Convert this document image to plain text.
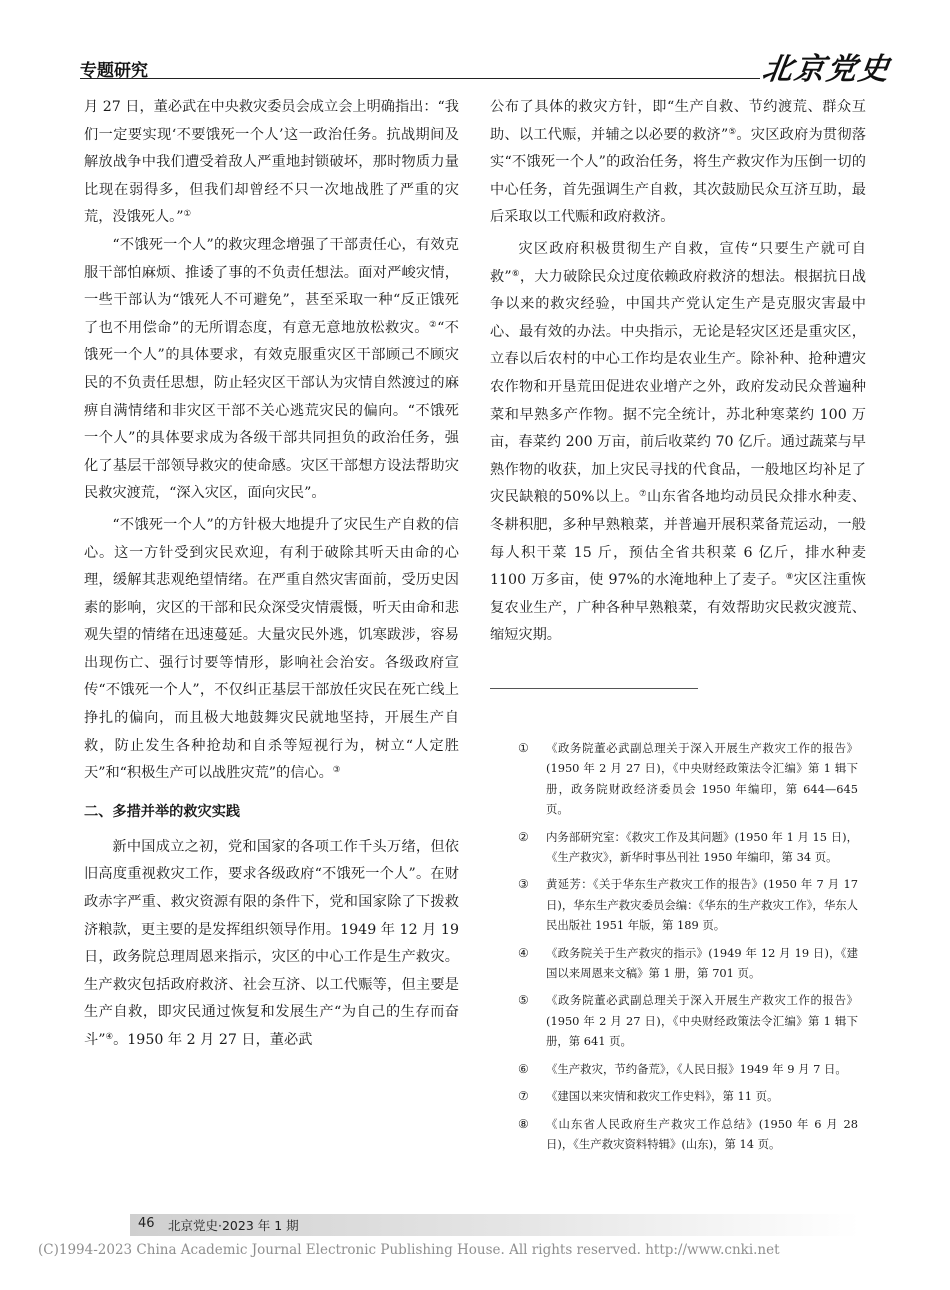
专题研究	北京党史

月 27 日，董必武在中央救灾委员会成立会上明确指出：“我们一定要实现‘不要饿死一个人’这一政治任务。抗战期间及解放战争中我们遭受着敌人严重地封锁破坏，那时物质力量比现在弱得多，但我们却曾经不只一次地战胜了严重的灾荒，没饿死人。”①

“不饿死一个人”的救灾理念增强了干部责任心，有效克服干部怕麻烦、推诿了事的不负责任想法。面对严峻灾情，一些干部认为“饿死人不可避免”，甚至采取一种“反正饿死了也不用偿命”的无所谓态度，有意无意地放松救灾。②“不饿死一个人”的具体要求，有效克服重灾区干部顾己不顾灾民的不负责任思想，防止轻灾区干部认为灾情自然渡过的麻痹自满情绪和非灾区干部不关心逃荒灾民的偏向。“不饿死一个人”的具体要求成为各级干部共同担负的政治任务，强化了基层干部领导救灾的使命感。灾区干部想方设法帮助灾民救灾渡荒，“深入灾区，面向灾民”。

“不饿死一个人”的方针极大地提升了灾民生产自救的信心。这一方针受到灾民欢迎，有利于破除其听天由命的心理，缓解其悲观绝望情绪。在严重自然灾害面前，受历史因素的影响，灾区的干部和民众深受灾情震慑，听天由命和悲观失望的情绪在迅速蔓延。大量灾民外逃，饥寒跋涉，容易出现伤亡、强行讨要等情形，影响社会治安。各级政府宣传“不饿死一个人”，不仅纠正基层干部放任灾民在死亡线上挣扎的偏向，而且极大地鼓舞灾民就地坚持，开展生产自救，防止发生各种抢劫和自杀等短视行为，树立“人定胜天”和“积极生产可以战胜灾荒”的信心。③

二、多措并举的救灾实践

新中国成立之初，党和国家的各项工作千头万绪，但依旧高度重视救灾工作，要求各级政府“不饿死一个人”。在财政赤字严重、救灾资源有限的条件下，党和国家除了下拨救济粮款，更主要的是发挥组织领导作用。1949 年 12 月 19 日，政务院总理周恩来指示，灾区的中心工作是生产救灾。生产救灾包括政府救济、社会互济、以工代赈等，但主要是生产自救，即灾民通过恢复和发展生产“为自己的生存而奋斗”④。1950 年 2 月 27 日，董必武

公布了具体的救灾方针，即“生产自救、节约渡荒、群众互助、以工代赈，并辅之以必要的救济”⑤。灾区政府为贯彻落实“不饿死一个人”的政治任务，将生产救灾作为压倒一切的中心任务，首先强调生产自救，其次鼓励民众互济互助，最后采取以工代赈和政府救济。

灾区政府积极贯彻生产自救，宣传“只要生产就可自救”⑥，大力破除民众过度依赖政府救济的想法。根据抗日战争以来的救灾经验，中国共产党认定生产是克服灾害最中心、最有效的办法。中央指示，无论是轻灾区还是重灾区，立春以后农村的中心工作均是农业生产。除补种、抢种遭灾农作物和开垦荒田促进农业增产之外，政府发动民众普遍种菜和早熟多产作物。据不完全统计，苏北种寒菜约 100 万亩，春菜约 200 万亩，前后收菜约 70 亿斤。通过蔬菜与早熟作物的收获，加上灾民寻找的代食品，一般地区均补足了灾民缺粮的50%以上。⑦山东省各地均动员民众排水种麦、冬耕积肥，多种早熟粮菜，并普遍开展积菜备荒运动，一般每人积干菜 15 斤，预估全省共积菜 6 亿斤，排水种麦 1100 万多亩，使 97%的水淹地种上了麦子。⑧灾区注重恢复农业生产，广种各种早熟粮菜，有效帮助灾民救灾渡荒、缩短灾期。

①	《政务院董必武副总理关于深入开展生产救灾工作的报告》(1950 年 2 月 27 日)，《中央财经政策法令汇编》第 1 辑下册，政务院财政经济委员会 1950 年编印，第 644—645 页。
②	内务部研究室：《救灾工作及其问题》(1950 年 1 月 15 日)，《生产救灾》，新华时事丛刊社 1950 年编印，第 34 页。
③	黄延芳：《关于华东生产救灾工作的报告》(1950 年 7 月 17 日)，华东生产救灾委员会编：《华东的生产救灾工作》，华东人民出版社 1951 年版，第 189 页。
④	《政务院关于生产救灾的指示》(1949 年 12 月 19 日)，《建国以来周恩来文稿》第 1 册，第 701 页。
⑤	《政务院董必武副总理关于深入开展生产救灾工作的报告》(1950 年 2 月 27 日)，《中央财经政策法令汇编》第 1 辑下册，第 641 页。
⑥	《生产救灾，节约备荒》，《人民日报》1949 年 9 月 7 日。
⑦	《建国以来灾情和救灾工作史料》，第 11 页。
⑧	《山东省人民政府生产救灾工作总结》(1950 年 6 月 28 日)，《生产救灾资料特辑》(山东)，第 14 页。
46 北京党史·2023 年 1 期
(C)1994-2023 China Academic Journal Electronic Publishing House. All rights reserved. http://www.cnki.net
